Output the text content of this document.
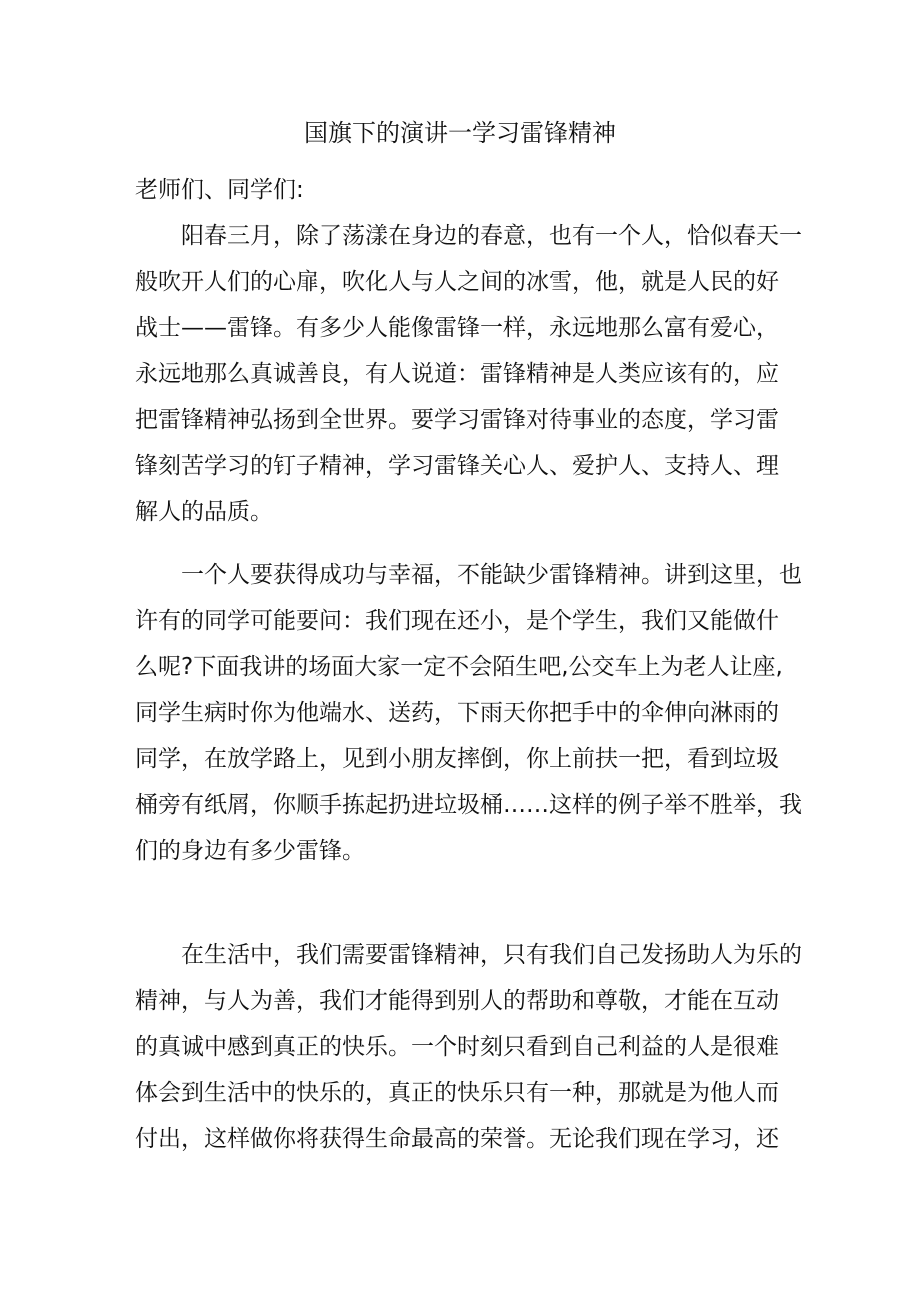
国旗下的演讲一学习雷锋精神
老师们、同学们:
阳春三月，除了荡漾在身边的春意，也有一个人，恰似春天一
般吹开人们的心扉，吹化人与人之间的冰雪，他，就是人民的好
战士——雷锋。有多少人能像雷锋一样，永远地那么富有爱心，
永远地那么真诚善良，有人说道：雷锋精神是人类应该有的，应
把雷锋精神弘扬到全世界。要学习雷锋对待事业的态度，学习雷
锋刻苦学习的钉子精神，学习雷锋关心人、爱护人、支持人、理
解人的品质。
一个人要获得成功与幸福，不能缺少雷锋精神。讲到这里，也
许有的同学可能要问：我们现在还小，是个学生，我们又能做什
么呢?下面我讲的场面大家一定不会陌生吧,公交车上为老人让座,
同学生病时你为他端水、送药，下雨天你把手中的伞伸向淋雨的
同学，在放学路上，见到小朋友摔倒，你上前扶一把，看到垃圾
桶旁有纸屑，你顺手拣起扔进垃圾桶……这样的例子举不胜举，我
们的身边有多少雷锋。
在生活中，我们需要雷锋精神，只有我们自己发扬助人为乐的
精神，与人为善，我们才能得到别人的帮助和尊敬，才能在互动
的真诚中感到真正的快乐。一个时刻只看到自己利益的人是很难
体会到生活中的快乐的，真正的快乐只有一种，那就是为他人而
付出，这样做你将获得生命最高的荣誉。无论我们现在学习，还
